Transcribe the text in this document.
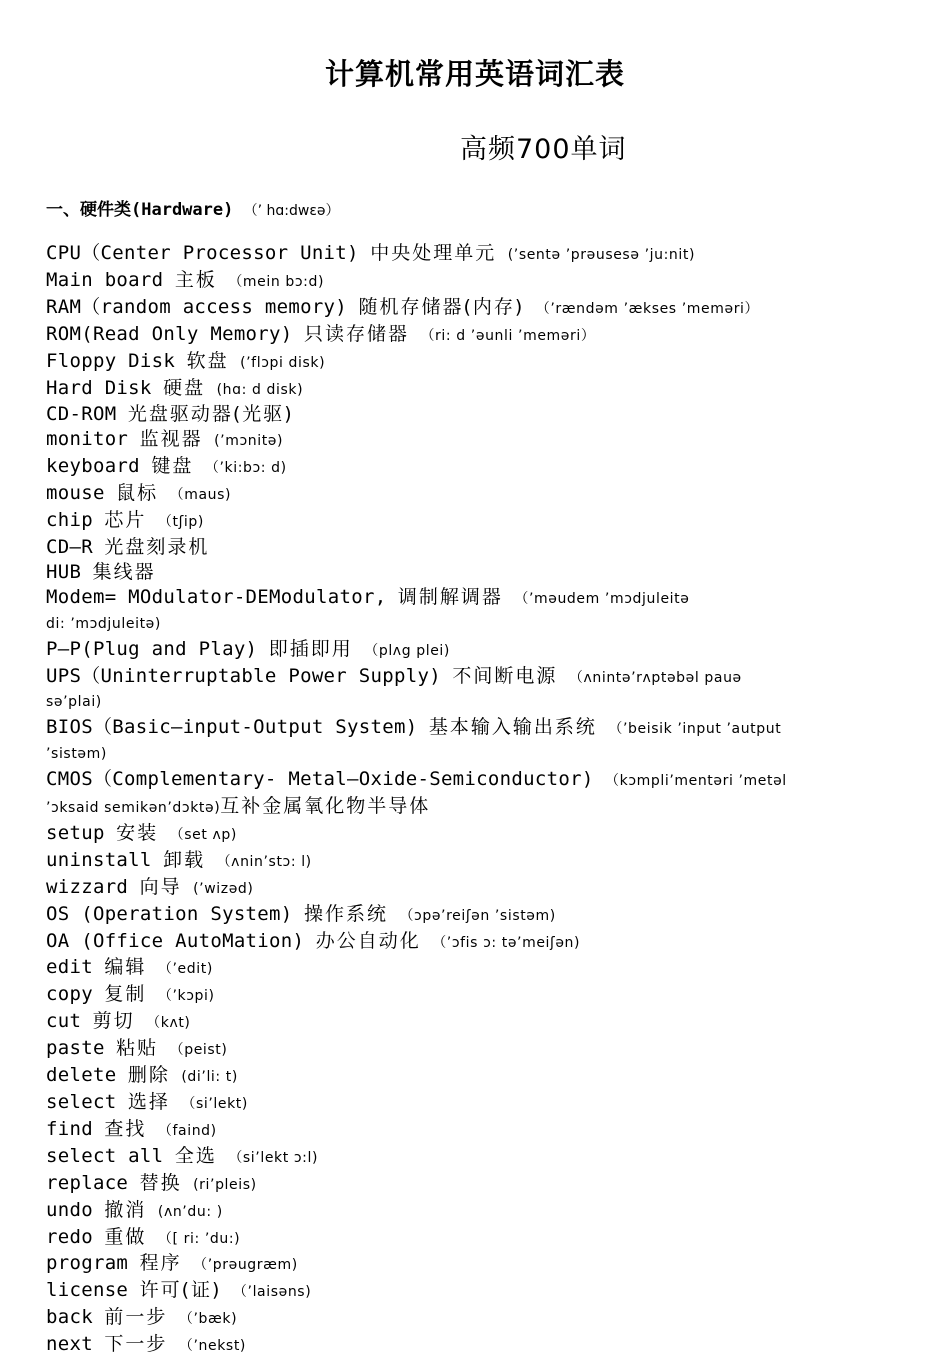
计算机常用英语词汇表
高频700单词
一、硬件类(Hardware) （’ hɑ:dwɛə）
CPU（Center Processor Unit) 中央处理单元 (’sentə ’prəusesə ’ju:nit)
Main board 主板 （mein bɔ:d)
RAM（random access memory) 随机存储器(内存) （’rændəm ’ækses ’meməri）
ROM(Read Only Memory) 只读存储器 （ri: d ’əunli ’meməri）
Floppy Disk 软盘 (’flɔpi disk)
Hard Disk 硬盘 (hɑ: d disk)
CD-ROM 光盘驱动器(光驱)
monitor 监视器 (’mɔnitə)
keyboard 键盘 （’ki:bɔ: d)
mouse 鼠标 （maus)
chip 芯片 （tʃip)
CD—R 光盘刻录机
HUB 集线器
Modem= MOdulator-DEModulator, 调制解调器 （’məudem ’mɔdjuleitə
di: ’mɔdjuleitə)
P—P(Plug and Play) 即插即用 （plʌg plei)
UPS（Uninterruptable Power Supply) 不间断电源 （ʌnintə’rʌptəbəl pauə
sə’plai)
BIOS（Basic—input-Output System) 基本输入输出系统 （’beisik ’input ’autput
’sistəm)
CMOS（Complementary- Metal—Oxide-Semiconductor) （kɔmpli’mentəri ’metəl
’ɔksaid semikən’dɔktə)互补金属氧化物半导体
setup 安装 （set ʌp)
uninstall 卸载 （ʌnin’stɔ: l)
wizzard 向导 (’wizəd)
OS (Operation System) 操作系统 （ɔpə’reiʃən ’sistəm)
OA (Office AutoMation) 办公自动化 （’ɔfis ɔ: tə’meiʃən)
edit 编辑 （’edit)
copy 复制 （’kɔpi)
cut 剪切 （kʌt)
paste 粘贴 （peist)
delete 删除 (di’li: t)
select 选择 （si’lekt)
find 查找 （faind)
select all 全选 （si’lekt ɔ:l)
replace 替换 (ri’pleis)
undo 撤消 (ʌn’du: )
redo 重做 （[ ri: ’du:)
program 程序 （’prəugræm)
license 许可(证) （’laisəns)
back 前一步 （’bæk)
next 下一步 （’nekst)
